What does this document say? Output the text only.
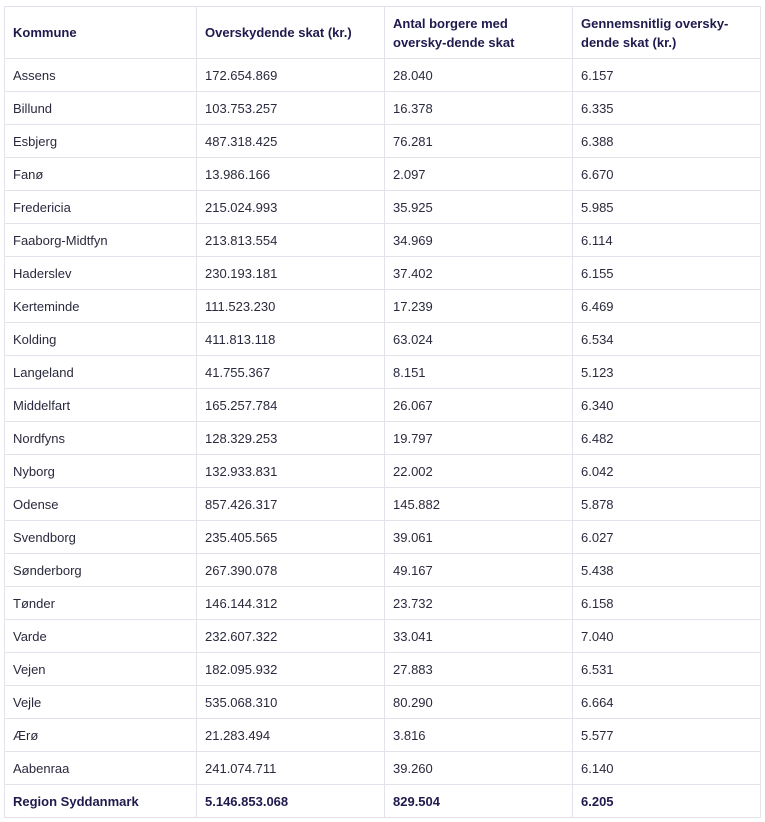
Kommune	Overskydende skat (kr.)	Antal borgere med oversky-dende skat	Gennemsnitlig oversky-dende skat (kr.)
Assens	172.654.869	28.040	6.157
Billund	103.753.257	16.378	6.335
Esbjerg	487.318.425	76.281	6.388
Fanø	13.986.166	2.097	6.670
Fredericia	215.024.993	35.925	5.985
Faaborg-Midtfyn	213.813.554	34.969	6.114
Haderslev	230.193.181	37.402	6.155
Kerteminde	111.523.230	17.239	6.469
Kolding	411.813.118	63.024	6.534
Langeland	41.755.367	8.151	5.123
Middelfart	165.257.784	26.067	6.340
Nordfyns	128.329.253	19.797	6.482
Nyborg	132.933.831	22.002	6.042
Odense	857.426.317	145.882	5.878
Svendborg	235.405.565	39.061	6.027
Sønderborg	267.390.078	49.167	5.438
Tønder	146.144.312	23.732	6.158
Varde	232.607.322	33.041	7.040
Vejen	182.095.932	27.883	6.531
Vejle	535.068.310	80.290	6.664
Ærø	21.283.494	3.816	5.577
Aabenraa	241.074.711	39.260	6.140
Region Syddanmark	5.146.853.068	829.504	6.205
